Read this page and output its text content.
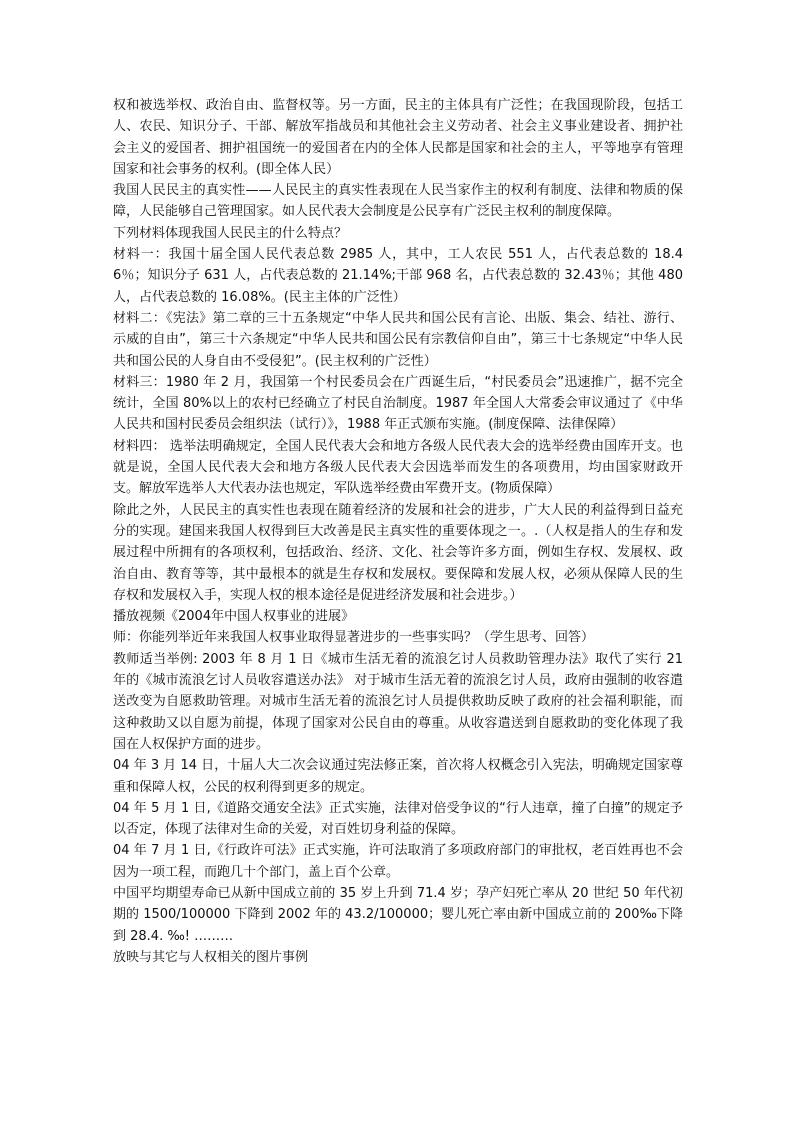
权和被选举权、政治自由、监督权等。另一方面，民主的主体具有广泛性；在我国现阶段，包括工人、农民、知识分子、干部、解放军指战员和其他社会主义劳动者、社会主义事业建设者、拥护社会主义的爱国者、拥护祖国统一的爱国者在内的全体人民都是国家和社会的主人，平等地享有管理国家和社会事务的权利。(即全体人民）

我国人民民主的真实性——人民民主的真实性表现在人民当家作主的权利有制度、法律和物质的保障，人民能够自己管理国家。如人民代表大会制度是公民享有广泛民主权利的制度保障。

下列材料体现我国人民民主的什么特点？

材料一：我国十届全国人民代表总数 2985 人，其中，工人农民 551 人，占代表总数的 18.46％；知识分子 631 人，占代表总数的 21.14%;干部 968 名，占代表总数的 32.43％；其他 480 人，占代表总数的 16.08%。(民主主体的广泛性）

材料二：《宪法》第二章的三十五条规定“中华人民共和国公民有言论、出版、集会、结社、游行、示威的自由”，第三十六条规定“中华人民共和国公民有宗教信仰自由”，第三十七条规定“中华人民共和国公民的人身自由不受侵犯”。(民主权利的广泛性）

材料三：1980 年 2 月，我国第一个村民委员会在广西诞生后，“村民委员会”迅速推广，据不完全统计，全国 80%以上的农村已经确立了村民自治制度。1987 年全国人大常委会审议通过了《中华人民共和国村民委员会组织法（试行）》，1988 年正式颁布实施。(制度保障、法律保障）

材料四： 选举法明确规定，全国人民代表大会和地方各级人民代表大会的选举经费由国库开支。也就是说，全国人民代表大会和地方各级人民代表大会因选举而发生的各项费用，均由国家财政开支。解放军选举人大代表办法也规定，军队选举经费由军费开支。(物质保障）

除此之外，人民民主的真实性也表现在随着经济的发展和社会的进步，广大人民的利益得到日益充分的实现。建国来我国人权得到巨大改善是民主真实性的重要体现之一。.（人权是指人的生存和发展过程中所拥有的各项权利，包括政治、经济、文化、社会等许多方面，例如生存权、发展权、政治自由、教育等等，其中最根本的就是生存权和发展权。要保障和发展人权，必须从保障人民的生存权和发展权入手，实现人权的根本途径是促进经济发展和社会进步。）

播放视频《2004年中国人权事业的进展》

师：你能列举近年来我国人权事业取得显著进步的一些事实吗？（学生思考、回答）

教师适当举例: 2003 年 8 月 1 日《城市生活无着的流浪乞讨人员救助管理办法》取代了实行 21 年的《城市流浪乞讨人员收容遣送办法》 对于城市生活无着的流浪乞讨人员，政府由强制的收容遣送改变为自愿救助管理。对城市生活无着的流浪乞讨人员提供救助反映了政府的社会福利职能，而这种救助又以自愿为前提，体现了国家对公民自由的尊重。从收容遣送到自愿救助的变化体现了我国在人权保护方面的进步。

04 年 3 月 14 日，十届人大二次会议通过宪法修正案，首次将人权概念引入宪法，明确规定国家尊重和保障人权，公民的权利得到更多的规定。

04 年 5 月 1 日,《道路交通安全法》正式实施，法律对倍受争议的“行人违章，撞了白撞”的规定予以否定，体现了法律对生命的关爱，对百姓切身利益的保障。

04 年 7 月 1 日,《行政许可法》正式实施，许可法取消了多项政府部门的审批权，老百姓再也不会因为一项工程，而跑几十个部门，盖上百个公章。

中国平均期望寿命已从新中国成立前的 35 岁上升到 71.4 岁；孕产妇死亡率从 20 世纪 50 年代初期的 1500/100000 下降到 2002 年的 43.2/100000；婴儿死亡率由新中国成立前的 200‰下降到 28.4. ‰! ………

放映与其它与人权相关的图片事例
